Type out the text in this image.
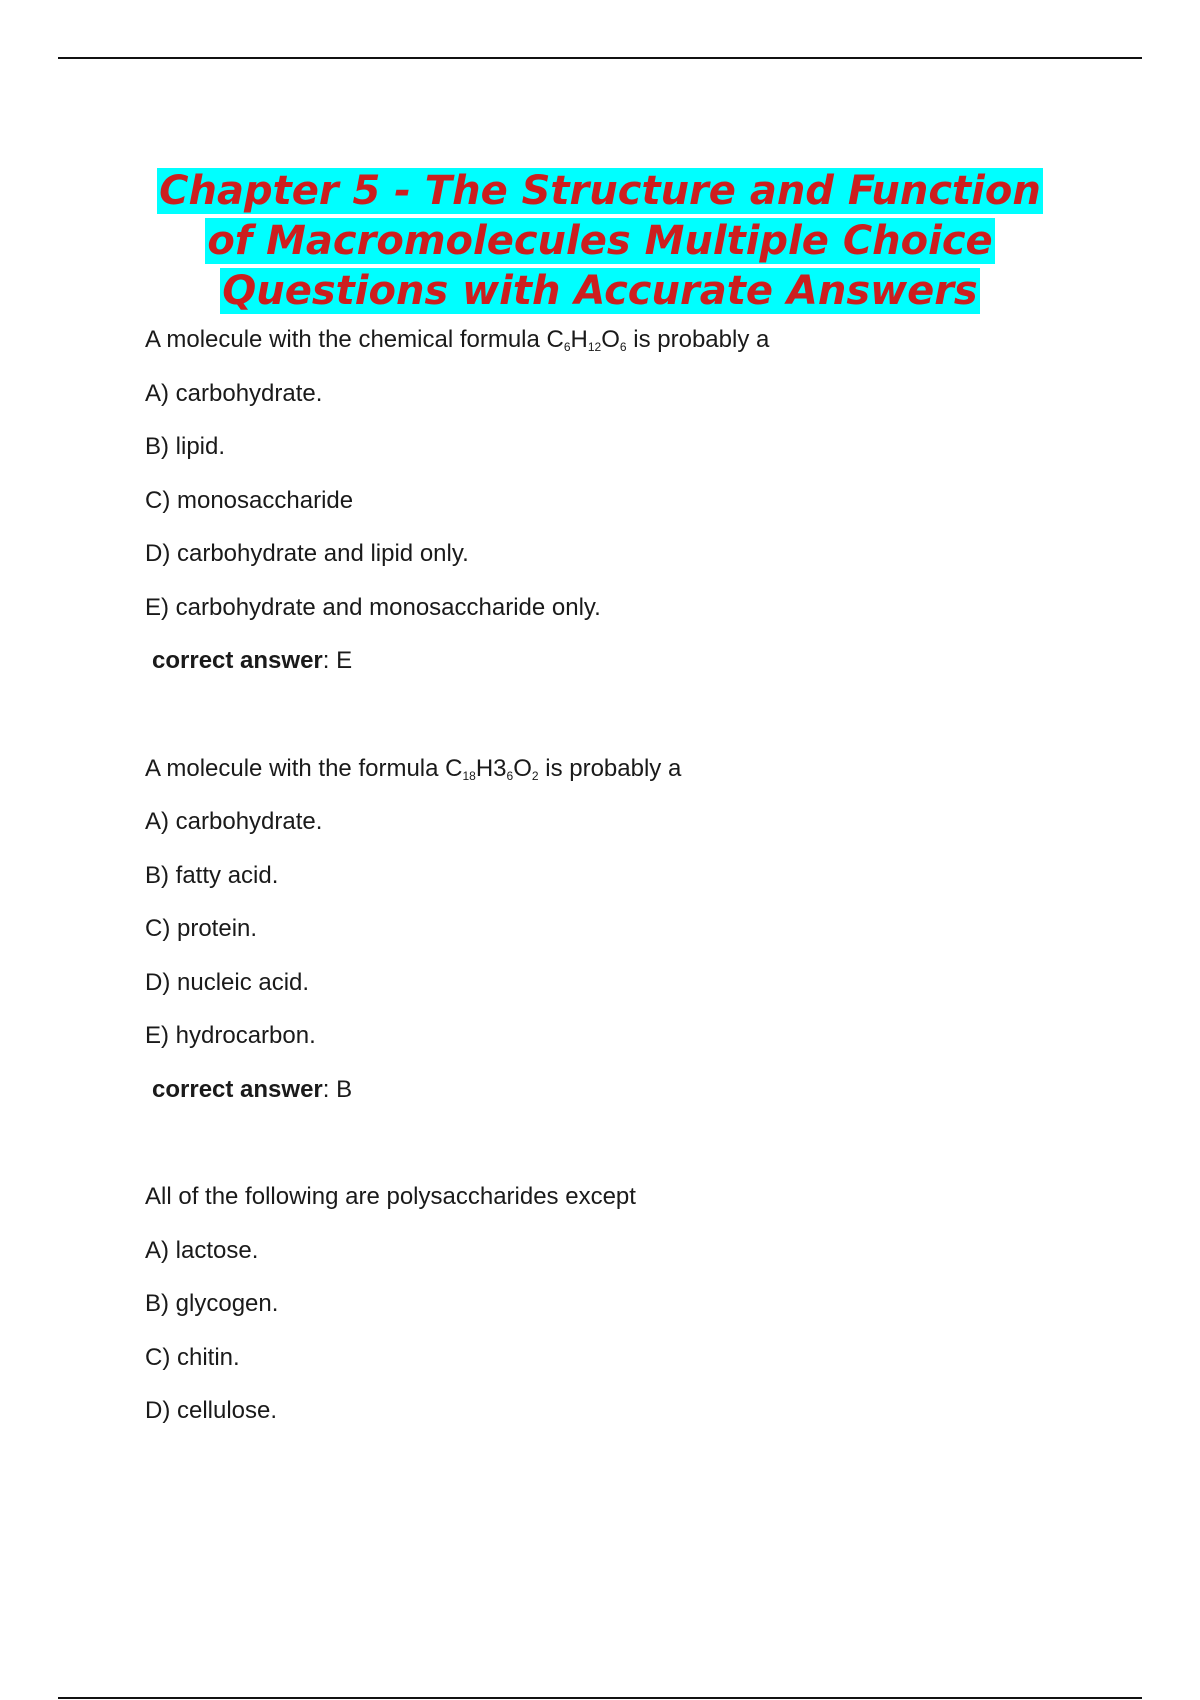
Chapter 5 - The Structure and Function
of Macromolecules Multiple Choice
Questions with Accurate Answers
A molecule with the chemical formula $C_6H_{12}O_6$ is probably a
A) carbohydrate.
B) lipid.
C) monosaccharide
D) carbohydrate and lipid only.
E) carbohydrate and monosaccharide only.
correct answer: E
A molecule with the formula $C_{18}H3_6O_2$ is probably a
A) carbohydrate.
B) fatty acid.
C) protein.
D) nucleic acid.
E) hydrocarbon.
correct answer: B
All of the following are polysaccharides except
A) lactose.
B) glycogen.
C) chitin.
D) cellulose.
